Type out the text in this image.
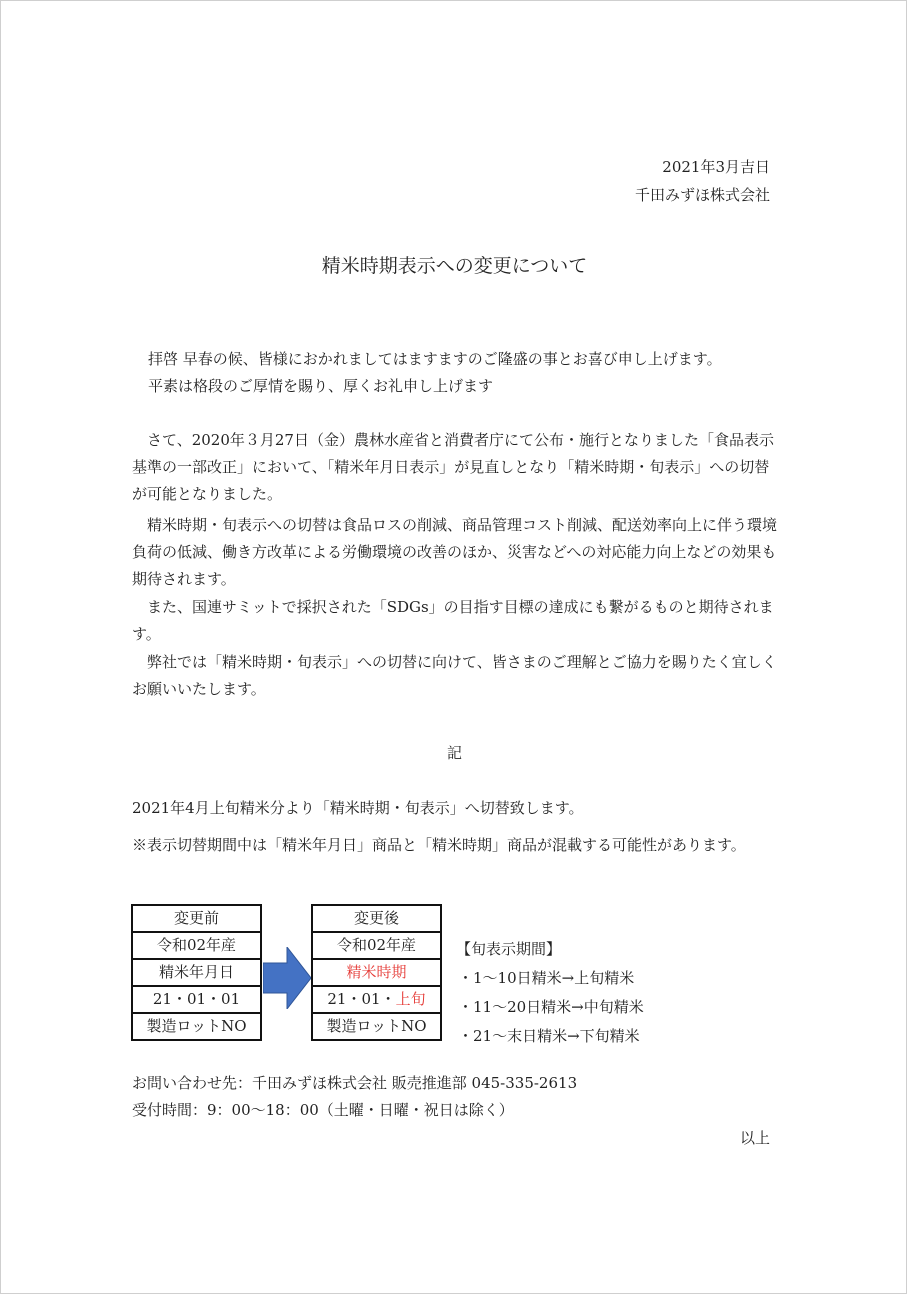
2021年3月吉日
千田みずほ株式会社
精米時期表示への変更について

拝啓 早春の候、皆様におかれましてはますますのご隆盛の事とお喜び申し上げます。

平素は格段のご厚情を賜り、厚くお礼申し上げます

さて、2020年３月27日（金）農林水産省と消費者庁にて公布・施行となりました「食品表示基準の一部改正」において、「精米年月日表示」が見直しとなり「精米時期・旬表示」への切替が可能となりました。

精米時期・旬表示への切替は食品ロスの削減、商品管理コスト削減、配送効率向上に伴う環境負荷の低減、働き方改革による労働環境の改善のほか、災害などへの対応能力向上などの効果も期待されます。

また、国連サミットで採択された「SDGs」の目指す目標の達成にも繋がるものと期待されます。

弊社では「精米時期・旬表示」への切替に向けて、皆さまのご理解とご協力を賜りたく宜しくお願いいたします。

記

2021年4月上旬精米分より「精米時期・旬表示」へ切替致します。

※表示切替期間中は「精米年月日」商品と「精米時期」商品が混載する可能性があります。

変更前
令和02年産
精米年月日
21・01・01
製造ロットNO
変更後
令和02年産
精米時期
21・01・上旬
製造ロットNO
【旬表示期間】
・1～10日精米→上旬精米
・11～20日精米→中旬精米
・21～末日精米→下旬精米

お問い合わせ先：千田みずほ株式会社 販売推進部 045-335-2613

受付時間：9：00～18：00（土曜・日曜・祝日は除く）

以上
